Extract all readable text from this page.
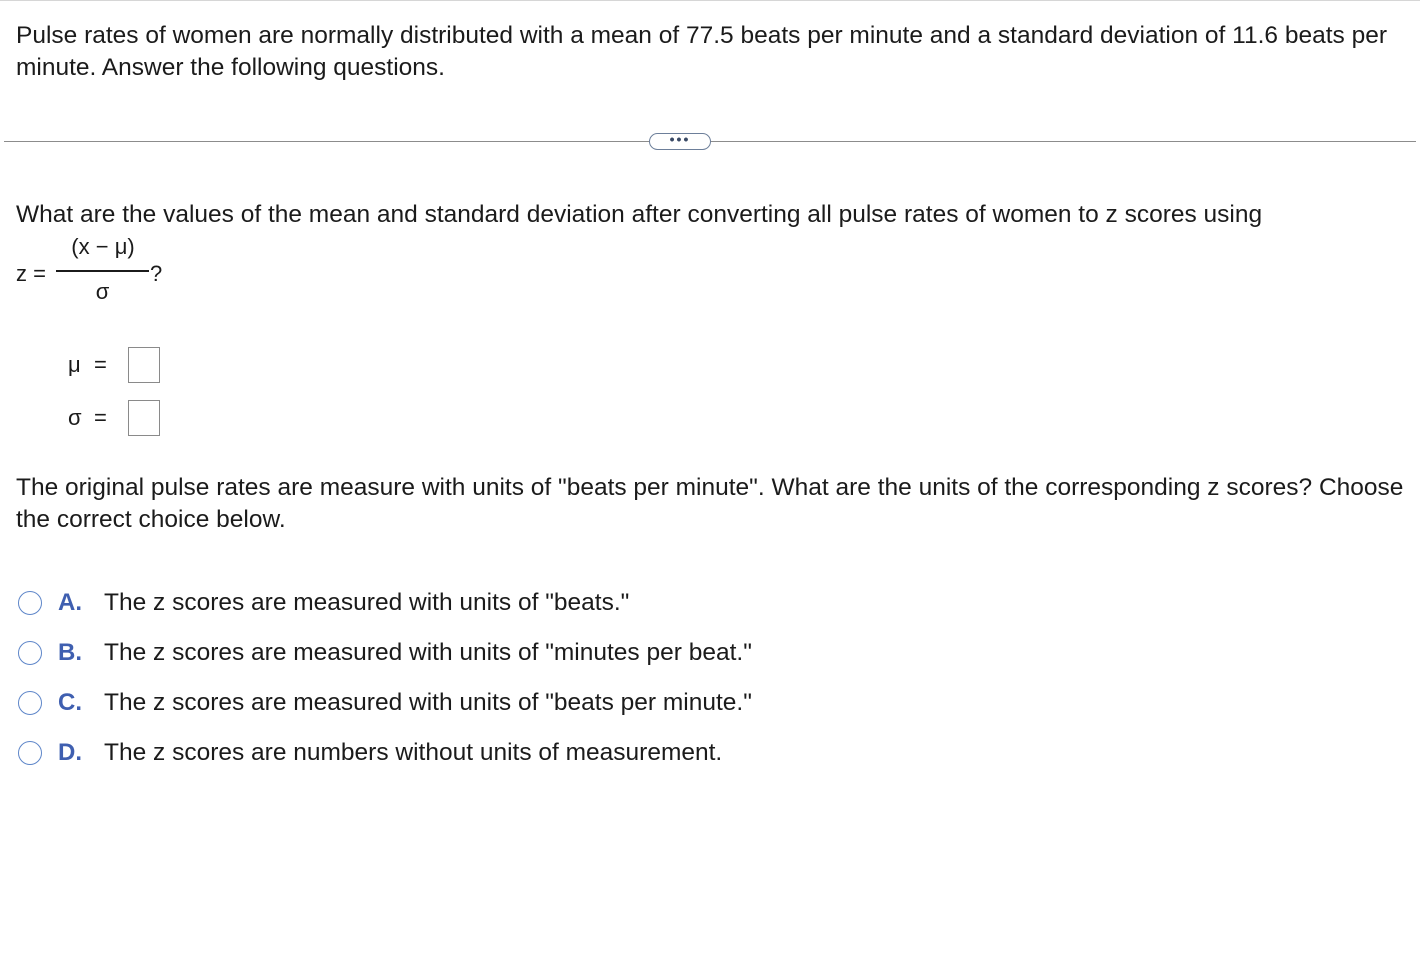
Pulse rates of women are normally distributed with a mean of 77.5 beats per minute and a standard deviation of 11.6 beats per minute. Answer the following questions.

•••

What are the values of the mean and standard deviation after converting all pulse rates of women to z scores using

z =
(x − μ)
σ
?
μ =
σ =

The original pulse rates are measure with units of "beats per minute". What are the units of the corresponding z scores? Choose the correct choice below.

A. The z scores are measured with units of "beats."
B. The z scores are measured with units of "minutes per beat."
C. The z scores are measured with units of "beats per minute."
D. The z scores are numbers without units of measurement.
